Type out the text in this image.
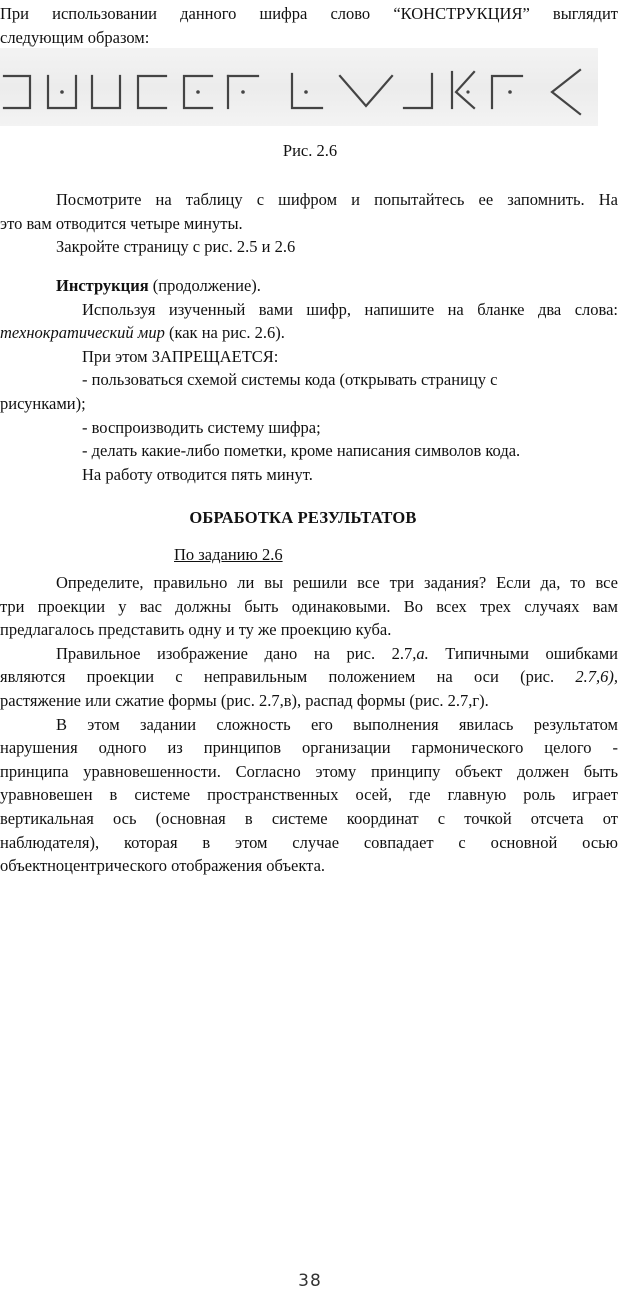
При использовании данного шифра слово “КОНСТРУКЦИЯ” выглядит

следующим образом:

Рис. 2.6

Посмотрите на таблицу с шифром и попытайтесь ее запомнить. На

это вам отводится четыре минуты.

Закройте страницу с рис. 2.5 и 2.6

Инструкция (продолжение).

Используя изученный вами шифр, напишите на бланке два слова:

технократический мир (как на рис. 2.6).

При этом ЗАПРЕЩАЕТСЯ:

- пользоваться схемой системы кода (открывать страницу с

рисунками);

- воспроизводить систему шифра;

- делать какие-либо пометки, кроме написания символов кода.

На работу отводится пять минут.

ОБРАБОТКА РЕЗУЛЬТАТОВ
По заданию 2.6

Определите, правильно ли вы решили все три задания? Если да, то все

три проекции у вас должны быть одинаковыми. Во всех трех случаях вам

предлагалось представить одну и ту же проекцию куба.

Правильное изображение дано на рис. 2.7,а. Типичными ошибками

являются проекции с неправильным положением на оси (рис. 2.7,6),

растяжение или сжатие формы (рис. 2.7,в), распад формы (рис. 2.7,г).

В этом задании сложность его выполнения явилась результатом

нарушения одного из принципов организации гармонического целого -

принципа уравновешенности. Согласно этому принципу объект должен быть

уравновешен в системе пространственных осей, где главную роль играет

вертикальная ось (основная в системе координат с точкой отсчета от

наблюдателя), которая в этом случае совпадает с основной осью

объектноцентрического отображения объекта.

38
